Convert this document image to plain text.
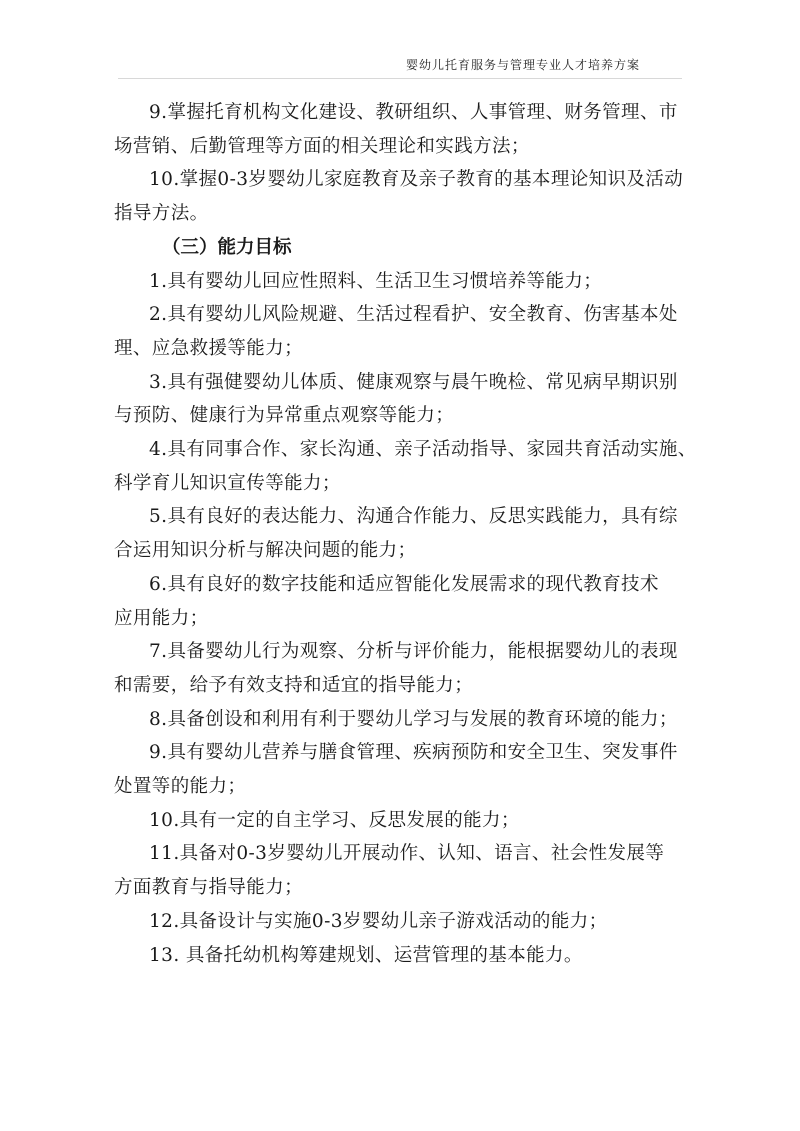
婴幼儿托育服务与管理专业人才培养方案
9.掌握托育机构文化建设、教研组织、人事管理、财务管理、市
场营销、后勤管理等方面的相关理论和实践方法；
10.掌握0-3岁婴幼儿家庭教育及亲子教育的基本理论知识及活动
指导方法。
（三）能力目标
1.具有婴幼儿回应性照料、生活卫生习惯培养等能力；
2.具有婴幼儿风险规避、生活过程看护、安全教育、伤害基本处
理、应急救援等能力；
3.具有强健婴幼儿体质、健康观察与晨午晚检、常见病早期识别
与预防、健康行为异常重点观察等能力；
4.具有同事合作、家长沟通、亲子活动指导、家园共育活动实施、
科学育儿知识宣传等能力；
5.具有良好的表达能力、沟通合作能力、反思实践能力，具有综
合运用知识分析与解决问题的能力；
6.具有良好的数字技能和适应智能化发展需求的现代教育技术
应用能力；
7.具备婴幼儿行为观察、分析与评价能力，能根据婴幼儿的表现
和需要，给予有效支持和适宜的指导能力；
8.具备创设和利用有利于婴幼儿学习与发展的教育环境的能力；
9.具有婴幼儿营养与膳食管理、疾病预防和安全卫生、突发事件
处置等的能力；
10.具有一定的自主学习、反思发展的能力；
11.具备对0-3岁婴幼儿开展动作、认知、语言、社会性发展等
方面教育与指导能力；
12.具备设计与实施0-3岁婴幼儿亲子游戏活动的能力；
13. 具备托幼机构筹建规划、运营管理的基本能力。
